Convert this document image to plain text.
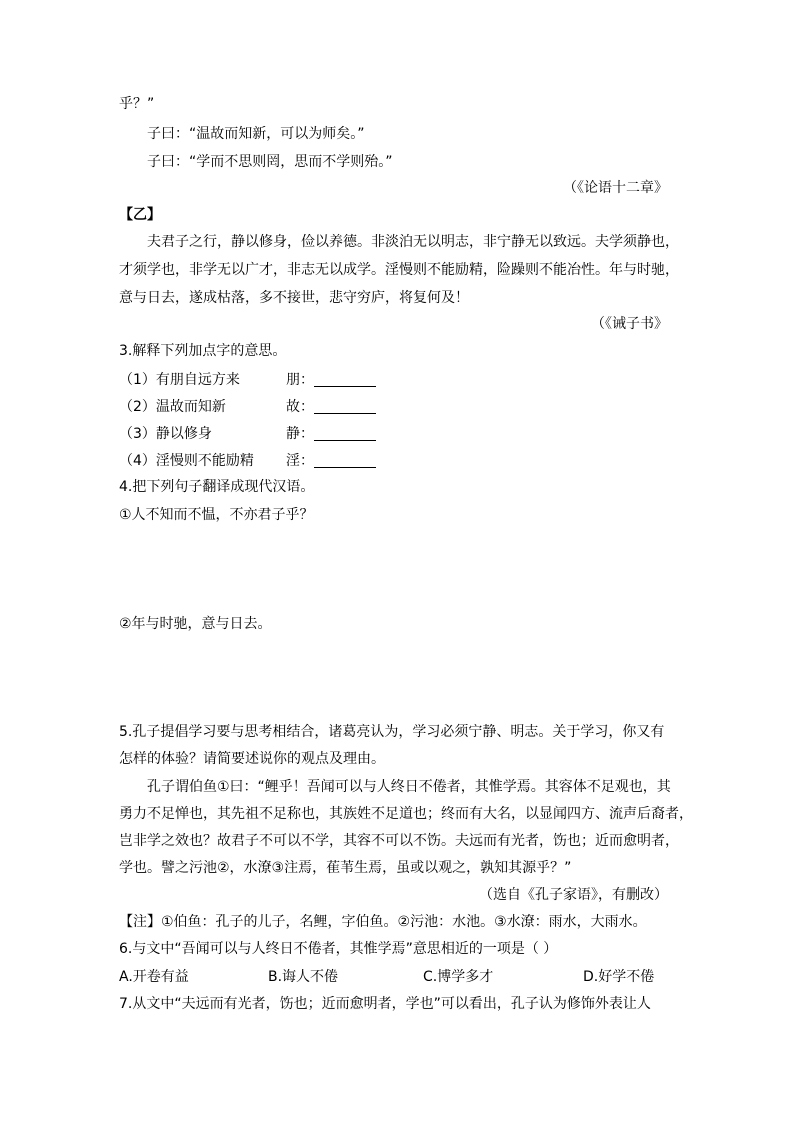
乎？”
子曰：“温故而知新，可以为师矣。”
子曰：“学而不思则罔，思而不学则殆。”
（《论语十二章》
【乙】
夫君子之行，静以修身，俭以养德。非淡泊无以明志，非宁静无以致远。夫学须静也，
才须学也，非学无以广才，非志无以成学。淫慢则不能励精，险躁则不能冶性。年与时驰，
意与日去，遂成枯落，多不接世，悲守穷庐，将复何及！
（《诫子书》
3.解释下列加点字的意思。
（1）有朋自远方来	朋：
（2）温故而知新	故：
（3）静以修身	静：
（4）淫慢则不能励精 淫：
4.把下列句子翻译成现代汉语。
①人不知而不愠，不亦君子乎？
②年与时驰，意与日去。
5.孔子提倡学习要与思考相结合，诸葛亮认为，学习必须宁静、明志。关于学习，你又有
怎样的体验？请简要述说你的观点及理由。
孔子谓伯鱼①曰：“鲤乎！吾闻可以与人终日不倦者，其惟学焉。其容体不足观也，其
勇力不足惮也，其先祖不足称也，其族姓不足道也；终而有大名，以显闻四方、流声后裔者，
岂非学之效也？故君子不可以不学，其容不可以不饬。夫远而有光者，饬也；近而愈明者，
学也。譬之污池②，水潦③注焉，萑苇生焉，虽或以观之，孰知其源乎？”
（选自《孔子家语》，有删改）
【注】①伯鱼：孔子的儿子，名鲤，字伯鱼。②污池：水池。③水潦：雨水，大雨水。
6.与文中“吾闻可以与人终日不倦者，其惟学焉”意思相近的一项是（ ）
A.开卷有益	B.诲人不倦	C.博学多才	D.好学不倦
7.从文中“夫远而有光者，饬也；近而愈明者，学也”可以看出，孔子认为修饰外表让人
